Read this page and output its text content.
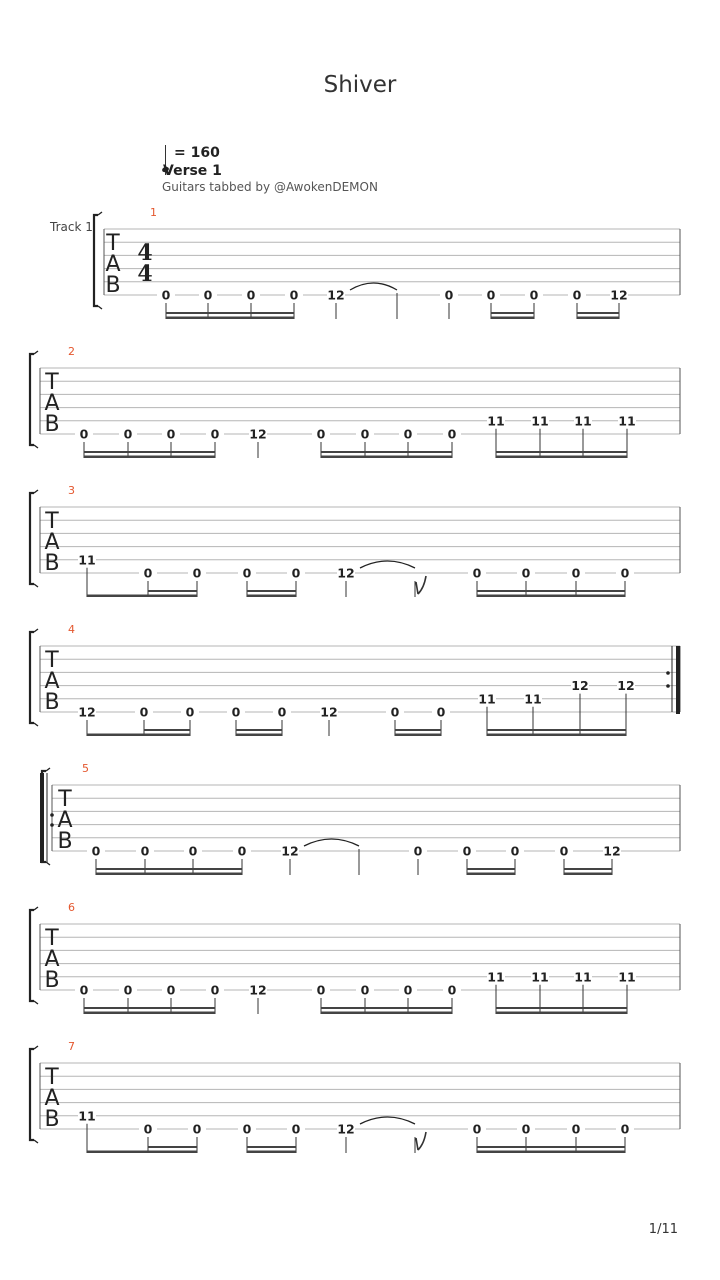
T
A
B
4
4
1
0	0	0	0 12	0	0	0	0 12
T
A
B
2
0	0	0	0 12	0	0	0	0
11 11 11 11
T
A
B
3
11
0	0	0	0	12	0	0	0	0
T
A
B
4
12	0	0	0	0	12	0	0
11 11
12 12
T
A
B
5
0	0	0	0	12	0	0	0	0	12
T
A
B
6
0	0	0	0 12	0	0	0	0
11 11 11 11
T
A
B
7
11
0	0	0	0	12	0	0	0	0
Shiver
= 160
Verse 1
Guitars tabbed by @AwokenDEMON
Track 1
1/11
